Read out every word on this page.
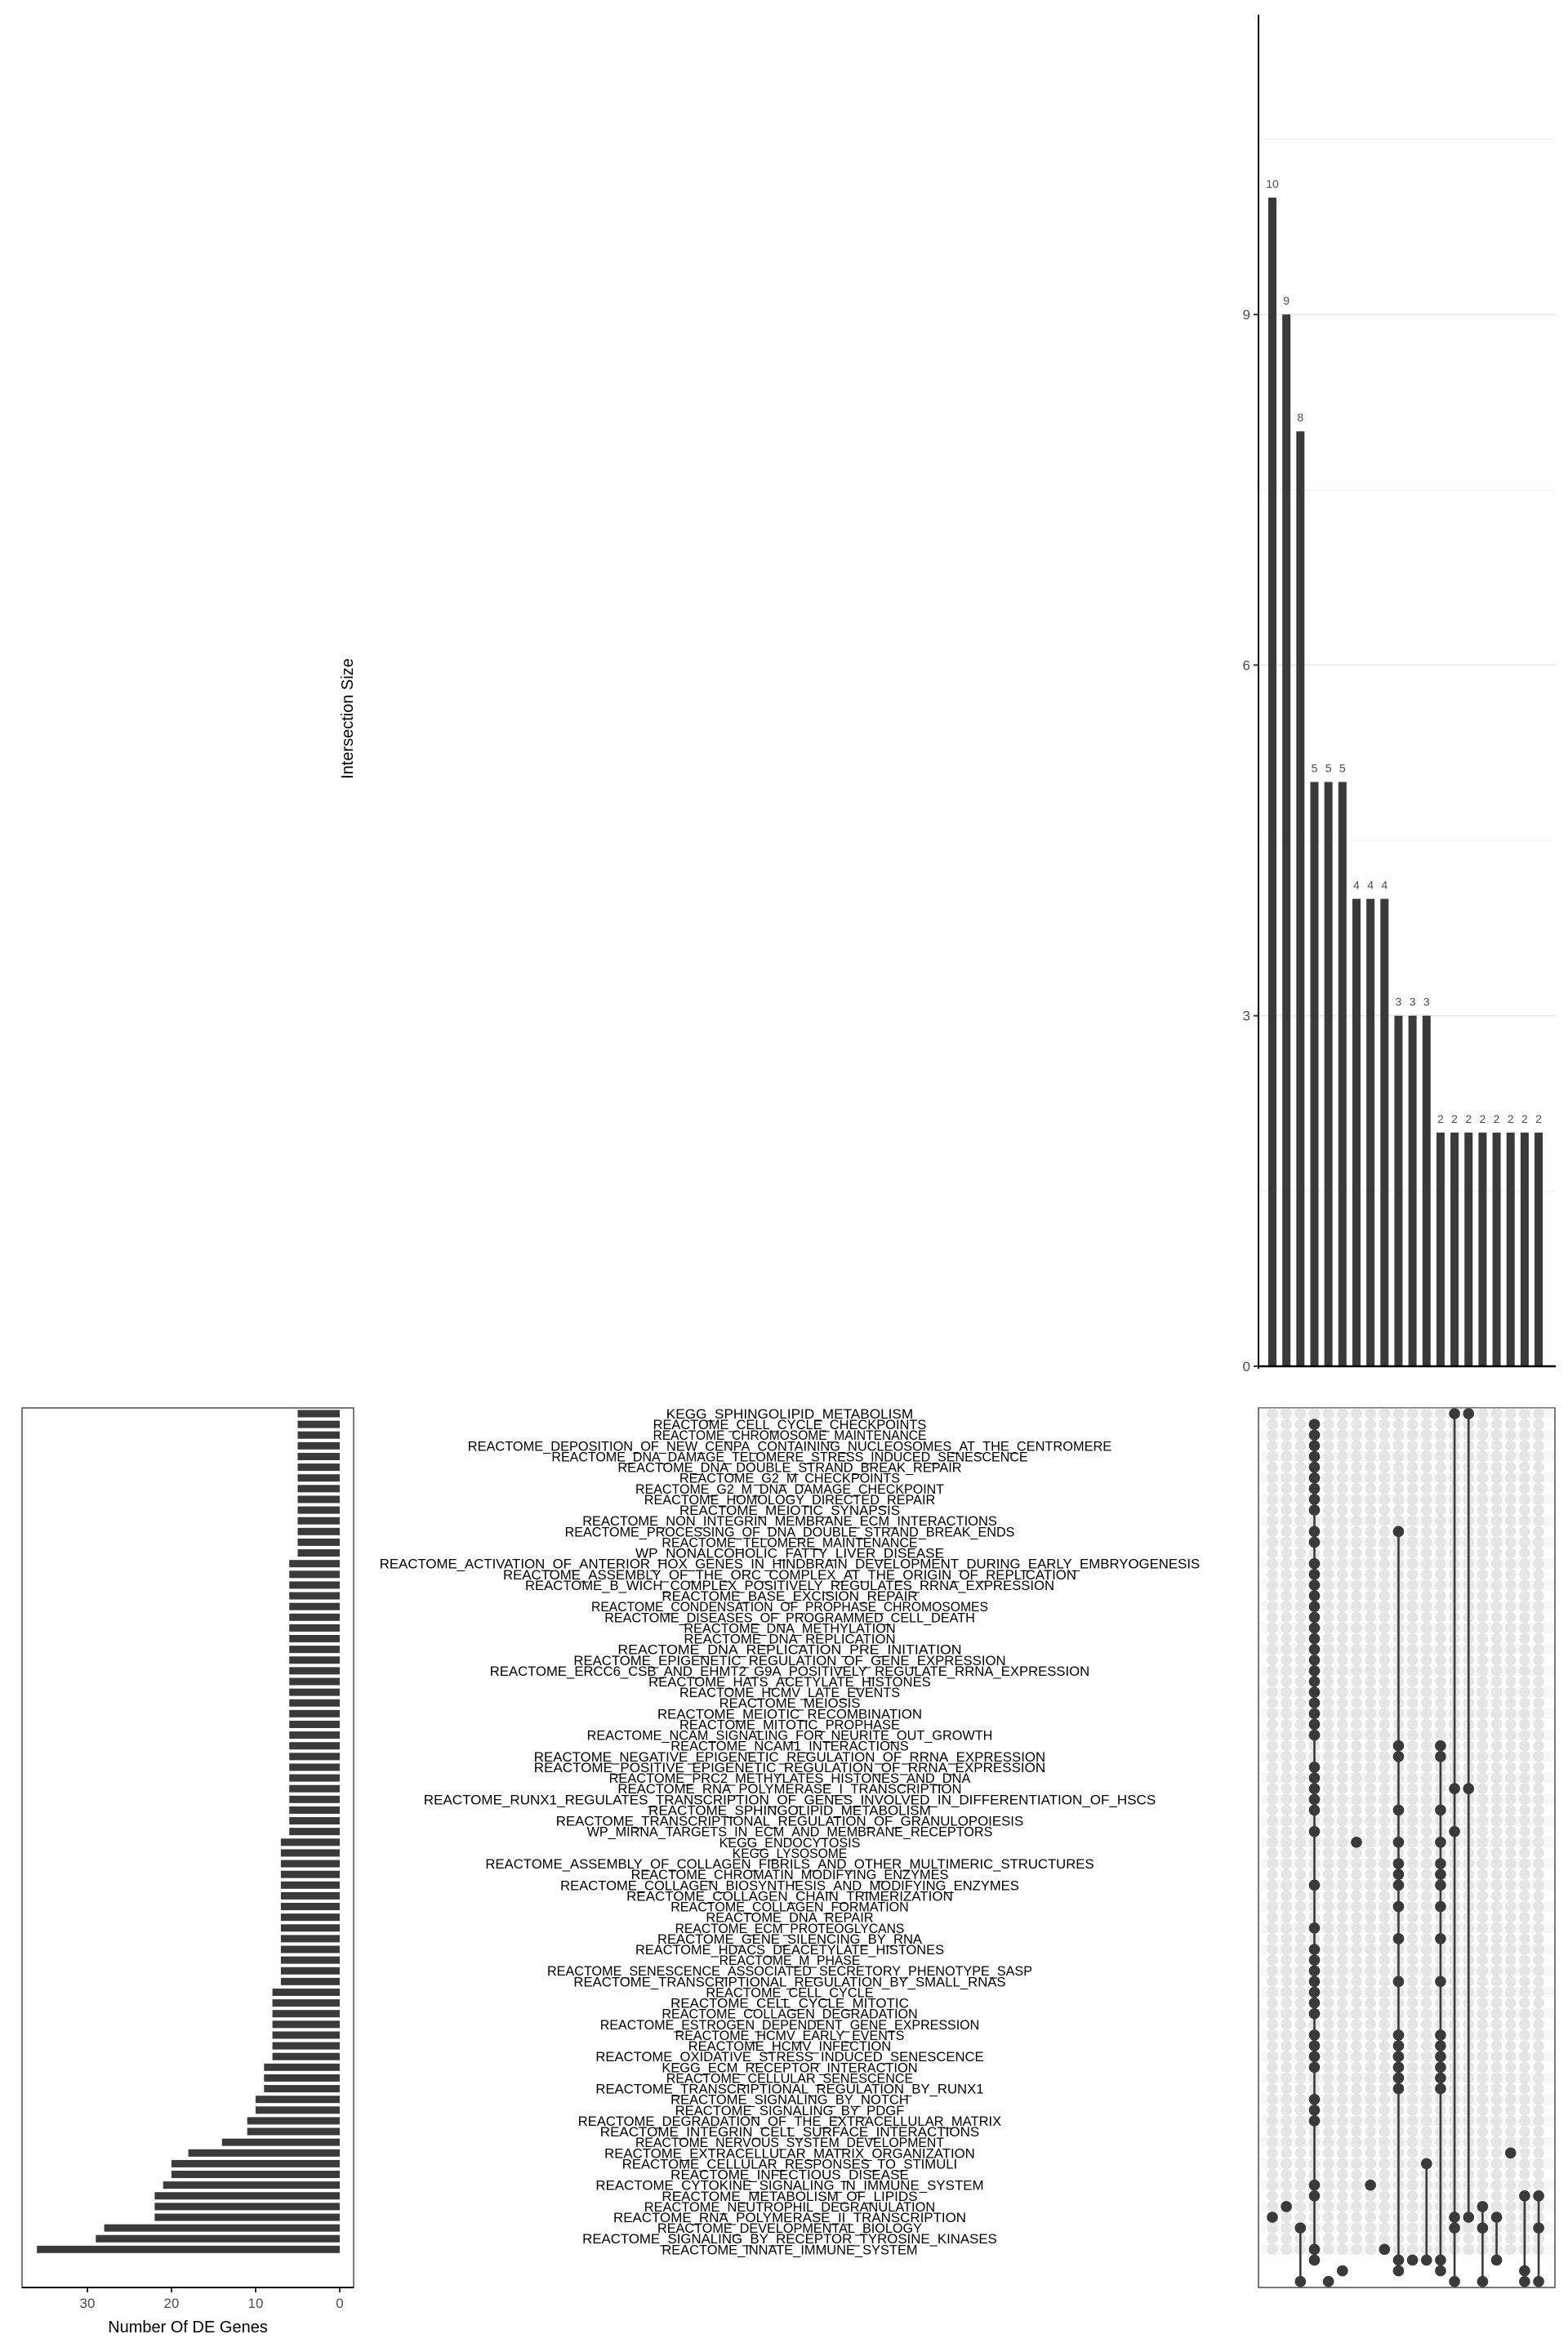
10
9
8
5 5 5
4 4 4
3 3 3
2 2 2 2 2 2 2 2
0
3
6
9
Intersection Size
30	20	10	0
Number Of DE Genes
KEGG_SPHINGOLIPID_METABOLISM
REACTOME_CELL_CYCLE_CHECKPOINTS
REACTOME_CHROMOSOME_MAINTENANCE
REACTOME_DEPOSITION_OF_NEW_CENPA_CONTAINING_NUCLEOSOMES_AT_THE_CENTROMERE
REACTOME_DNA_DAMAGE_TELOMERE_STRESS_INDUCED_SENESCENCE
REACTOME_DNA_DOUBLE_STRAND_BREAK_REPAIR
REACTOME_G2_M_CHECKPOINTS
REACTOME_G2_M_DNA_DAMAGE_CHECKPOINT
REACTOME_HOMOLOGY_DIRECTED_REPAIR
REACTOME_MEIOTIC_SYNAPSIS
REACTOME_NON_INTEGRIN_MEMBRANE_ECM_INTERACTIONS
REACTOME_PROCESSING_OF_DNA_DOUBLE_STRAND_BREAK_ENDS
REACTOME_TELOMERE_MAINTENANCE
WP_NONALCOHOLIC_FATTY_LIVER_DISEASE
REACTOME_ACTIVATION_OF_ANTERIOR_HOX_GENES_IN_HINDBRAIN_DEVELOPMENT_DURING_EARLY_EMBRYOGENESIS
REACTOME_ASSEMBLY_OF_THE_ORC_COMPLEX_AT_THE_ORIGIN_OF_REPLICATION
REACTOME_B_WICH_COMPLEX_POSITIVELY_REGULATES_RRNA_EXPRESSION
REACTOME_BASE_EXCISION_REPAIR
REACTOME_CONDENSATION_OF_PROPHASE_CHROMOSOMES
REACTOME_DISEASES_OF_PROGRAMMED_CELL_DEATH
REACTOME_DNA_METHYLATION
REACTOME_DNA_REPLICATION
REACTOME_DNA_REPLICATION_PRE_INITIATION
REACTOME_EPIGENETIC_REGULATION_OF_GENE_EXPRESSION
REACTOME_ERCC6_CSB_AND_EHMT2_G9A_POSITIVELY_REGULATE_RRNA_EXPRESSION
REACTOME_HATS_ACETYLATE_HISTONES
REACTOME_HCMV_LATE_EVENTS
REACTOME_MEIOSIS
REACTOME_MEIOTIC_RECOMBINATION
REACTOME_MITOTIC_PROPHASE
REACTOME_NCAM_SIGNALING_FOR_NEURITE_OUT_GROWTH
REACTOME_NCAM1_INTERACTIONS
REACTOME_NEGATIVE_EPIGENETIC_REGULATION_OF_RRNA_EXPRESSION
REACTOME_POSITIVE_EPIGENETIC_REGULATION_OF_RRNA_EXPRESSION
REACTOME_PRC2_METHYLATES_HISTONES_AND_DNA
REACTOME_RNA_POLYMERASE_I_TRANSCRIPTION
REACTOME_RUNX1_REGULATES_TRANSCRIPTION_OF_GENES_INVOLVED_IN_DIFFERENTIATION_OF_HSCS
REACTOME_SPHINGOLIPID_METABOLISM
REACTOME_TRANSCRIPTIONAL_REGULATION_OF_GRANULOPOIESIS
WP_MIRNA_TARGETS_IN_ECM_AND_MEMBRANE_RECEPTORS
KEGG_ENDOCYTOSIS
KEGG_LYSOSOME
REACTOME_ASSEMBLY_OF_COLLAGEN_FIBRILS_AND_OTHER_MULTIMERIC_STRUCTURES
REACTOME_CHROMATIN_MODIFYING_ENZYMES
REACTOME_COLLAGEN_BIOSYNTHESIS_AND_MODIFYING_ENZYMES
REACTOME_COLLAGEN_CHAIN_TRIMERIZATION
REACTOME_COLLAGEN_FORMATION
REACTOME_DNA_REPAIR
REACTOME_ECM_PROTEOGLYCANS
REACTOME_GENE_SILENCING_BY_RNA
REACTOME_HDACS_DEACETYLATE_HISTONES
REACTOME_M_PHASE
REACTOME_SENESCENCE_ASSOCIATED_SECRETORY_PHENOTYPE_SASP
REACTOME_TRANSCRIPTIONAL_REGULATION_BY_SMALL_RNAS
REACTOME_CELL_CYCLE
REACTOME_CELL_CYCLE_MITOTIC
REACTOME_COLLAGEN_DEGRADATION
REACTOME_ESTROGEN_DEPENDENT_GENE_EXPRESSION
REACTOME_HCMV_EARLY_EVENTS
REACTOME_HCMV_INFECTION
REACTOME_OXIDATIVE_STRESS_INDUCED_SENESCENCE
KEGG_ECM_RECEPTOR_INTERACTION
REACTOME_CELLULAR_SENESCENCE
REACTOME_TRANSCRIPTIONAL_REGULATION_BY_RUNX1
REACTOME_SIGNALING_BY_NOTCH
REACTOME_SIGNALING_BY_PDGF
REACTOME_DEGRADATION_OF_THE_EXTRACELLULAR_MATRIX
REACTOME_INTEGRIN_CELL_SURFACE_INTERACTIONS
REACTOME_NERVOUS_SYSTEM_DEVELOPMENT
REACTOME_EXTRACELLULAR_MATRIX_ORGANIZATION
REACTOME_CELLULAR_RESPONSES_TO_STIMULI
REACTOME_INFECTIOUS_DISEASE
REACTOME_CYTOKINE_SIGNALING_IN_IMMUNE_SYSTEM
REACTOME_METABOLISM_OF_LIPIDS
REACTOME_NEUTROPHIL_DEGRANULATION
REACTOME_RNA_POLYMERASE_II_TRANSCRIPTION
REACTOME_DEVELOPMENTAL_BIOLOGY
REACTOME_SIGNALING_BY_RECEPTOR_TYROSINE_KINASES
REACTOME_INNATE_IMMUNE_SYSTEM
